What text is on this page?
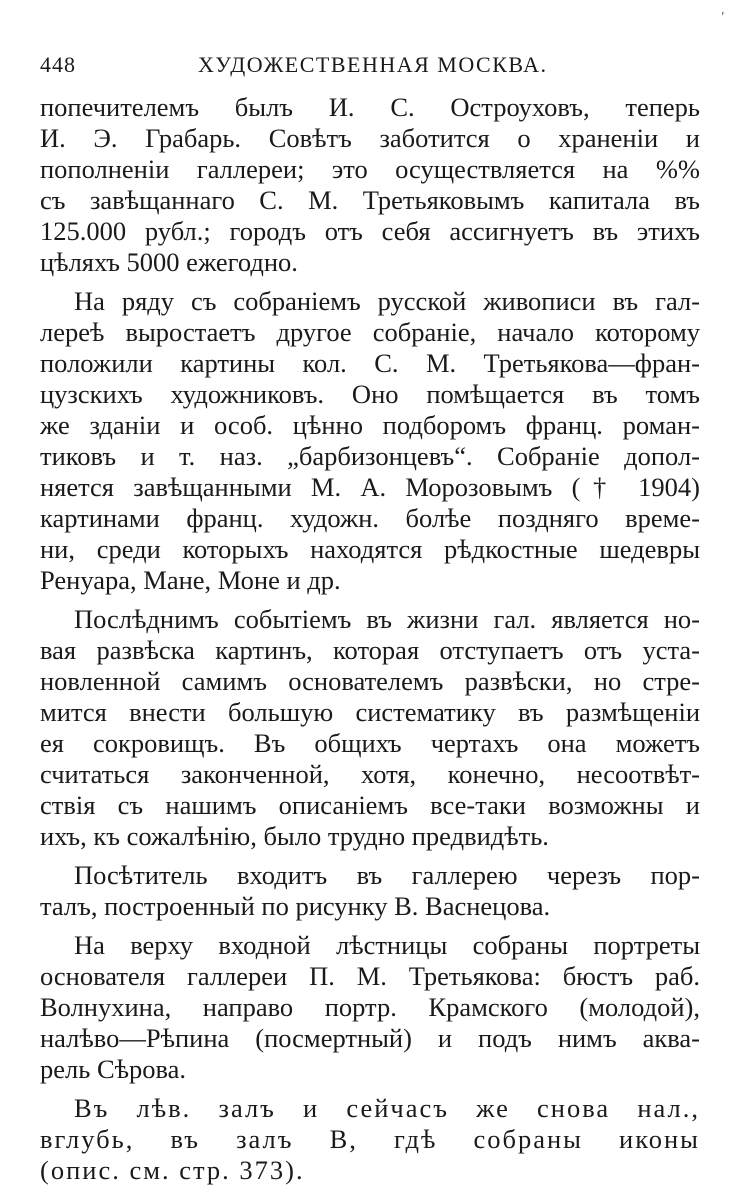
448	ХУДОЖЕСТВЕННАЯ МОСКВА.
'
попечителемъ былъ И. С. Остроуховъ, теперь
И. Э. Грабарь. Совѣтъ заботится о храненіи и
пополненіи галлереи; это осуществляется на %%
съ завѣщаннаго С. М. Третьяковымъ капитала въ
125.000 рубл.; городъ отъ себя ассигнуетъ въ этихъ
цѣляхъ 5000 ежегодно.
На ряду съ собраніемъ русской живописи въ гал-
лереѣ выростаетъ другое собраніе, начало которому
положили картины кол. С. М. Третьякова—фран-
цузскихъ художниковъ. Оно помѣщается въ томъ
же зданіи и особ. цѣнно подборомъ франц. роман-
тиковъ и т. наз. „барбизонцевъ“. Собраніе допол-
няется завѣщанными М. А. Морозовымъ († 1904)
картинами франц. художн. болѣе поздняго време-
ни, среди которыхъ находятся рѣдкостные шедевры
Ренуара, Мане, Моне и др.
Послѣднимъ событіемъ въ жизни гал. является но-
вая развѣска картинъ, которая отступаетъ отъ уста-
новленной самимъ основателемъ развѣски, но стре-
мится внести большую систематику въ размѣщеніи
ея сокровищъ. Въ общихъ чертахъ она можетъ
считаться законченной, хотя, конечно, несоотвѣт-
ствія съ нашимъ описаніемъ все-таки возможны и
ихъ, къ сожалѣнію, было трудно предвидѣть.
Посѣтитель входитъ въ галлерею черезъ пор-
талъ, построенный по рисунку В. Васнецова.
На верху входной лѣстницы собраны портреты
основателя галлереи П. М. Третьякова: бюстъ раб.
Волнухина, направо портр. Крамского (молодой),
налѣво—Рѣпина (посмертный) и подъ нимъ аква-
рель Сѣрова.
Въ лѣв. залъ и сейчасъ же снова нал.,
вглубь, въ залъ В, гдѣ собраны иконы
(опис. см. стр. 373).
